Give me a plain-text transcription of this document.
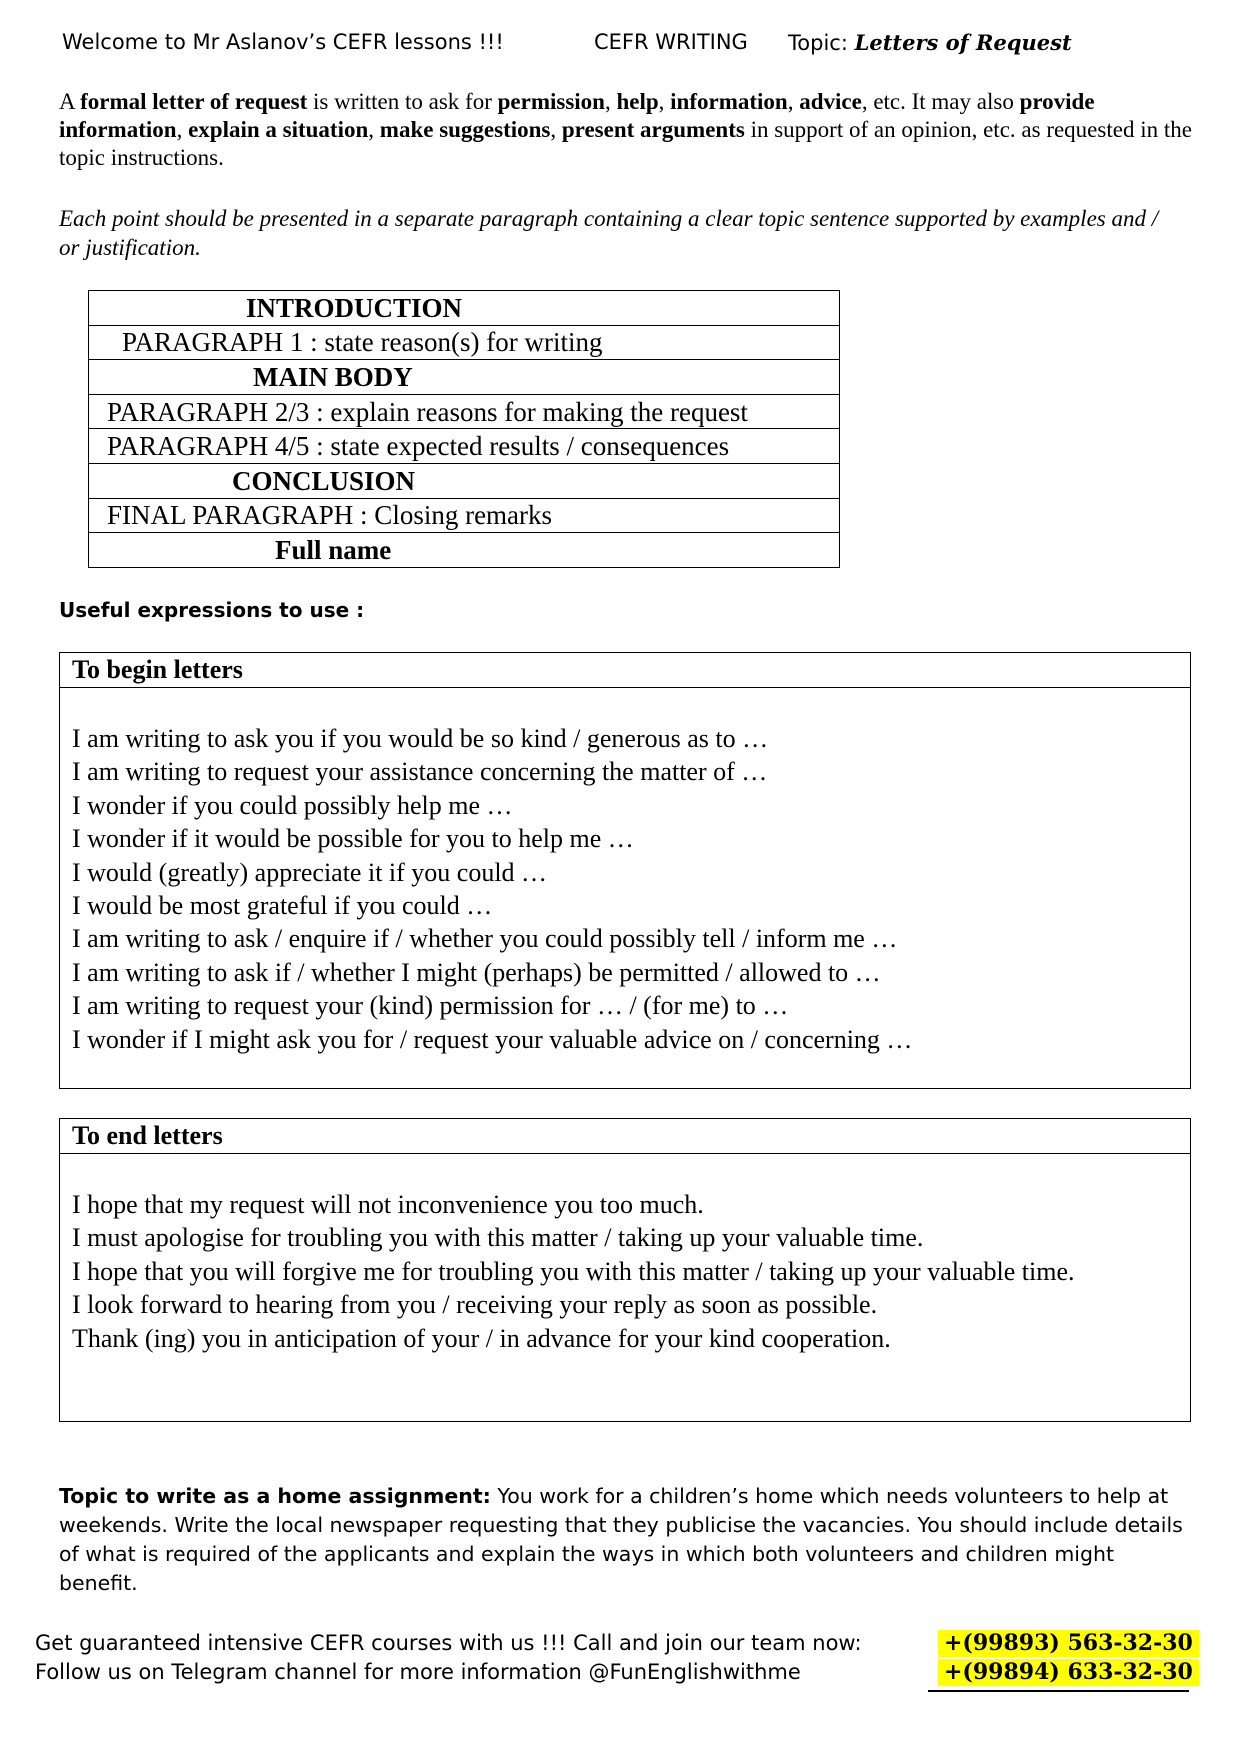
Welcome to Mr Aslanov’s CEFR lessons !!!	CEFR WRITING Topic: Letters of Request

A formal letter of request is written to ask for permission, help, information, advice, etc. It may also provide information, explain a situation, make suggestions, present arguments in support of an opinion, etc. as requested in the topic instructions.

Each point should be presented in a separate paragraph containing a clear topic sentence supported by examples and / or justification.

INTRODUCTION
PARAGRAPH 1 : state reason(s) for writing
MAIN BODY
PARAGRAPH 2/3 : explain reasons for making the request
PARAGRAPH 4/5 : state expected results / consequences
CONCLUSION
FINAL PARAGRAPH : Closing remarks
Full name
Useful expressions to use :
To begin letters
I am writing to ask you if you would be so kind / generous as to …
I am writing to request your assistance concerning the matter of …
I wonder if you could possibly help me …
I wonder if it would be possible for you to help me …
I would (greatly) appreciate it if you could …
I would be most grateful if you could …
I am writing to ask / enquire if / whether you could possibly tell / inform me …
I am writing to ask if / whether I might (perhaps) be permitted / allowed to …
I am writing to request your (kind) permission for … / (for me) to …
I wonder if I might ask you for / request your valuable advice on / concerning …
To end letters
I hope that my request will not inconvenience you too much.
I must apologise for troubling you with this matter / taking up your valuable time.
I hope that you will forgive me for troubling you with this matter / taking up your valuable time.
I look forward to hearing from you / receiving your reply as soon as possible.
Thank (ing) you in anticipation of your / in advance for your kind cooperation.

Topic to write as a home assignment: You work for a children’s home which needs volunteers to help at weekends. Write the local newspaper requesting that they publicise the vacancies. You should include details of what is required of the applicants and explain the ways in which both volunteers and children might benefit.

Get guaranteed intensive CEFR courses with us !!! Call and join our team now:	+(99893) 563-32-30
Follow us on Telegram channel for more information @FunEnglishwithme	+(99894) 633-32-30
